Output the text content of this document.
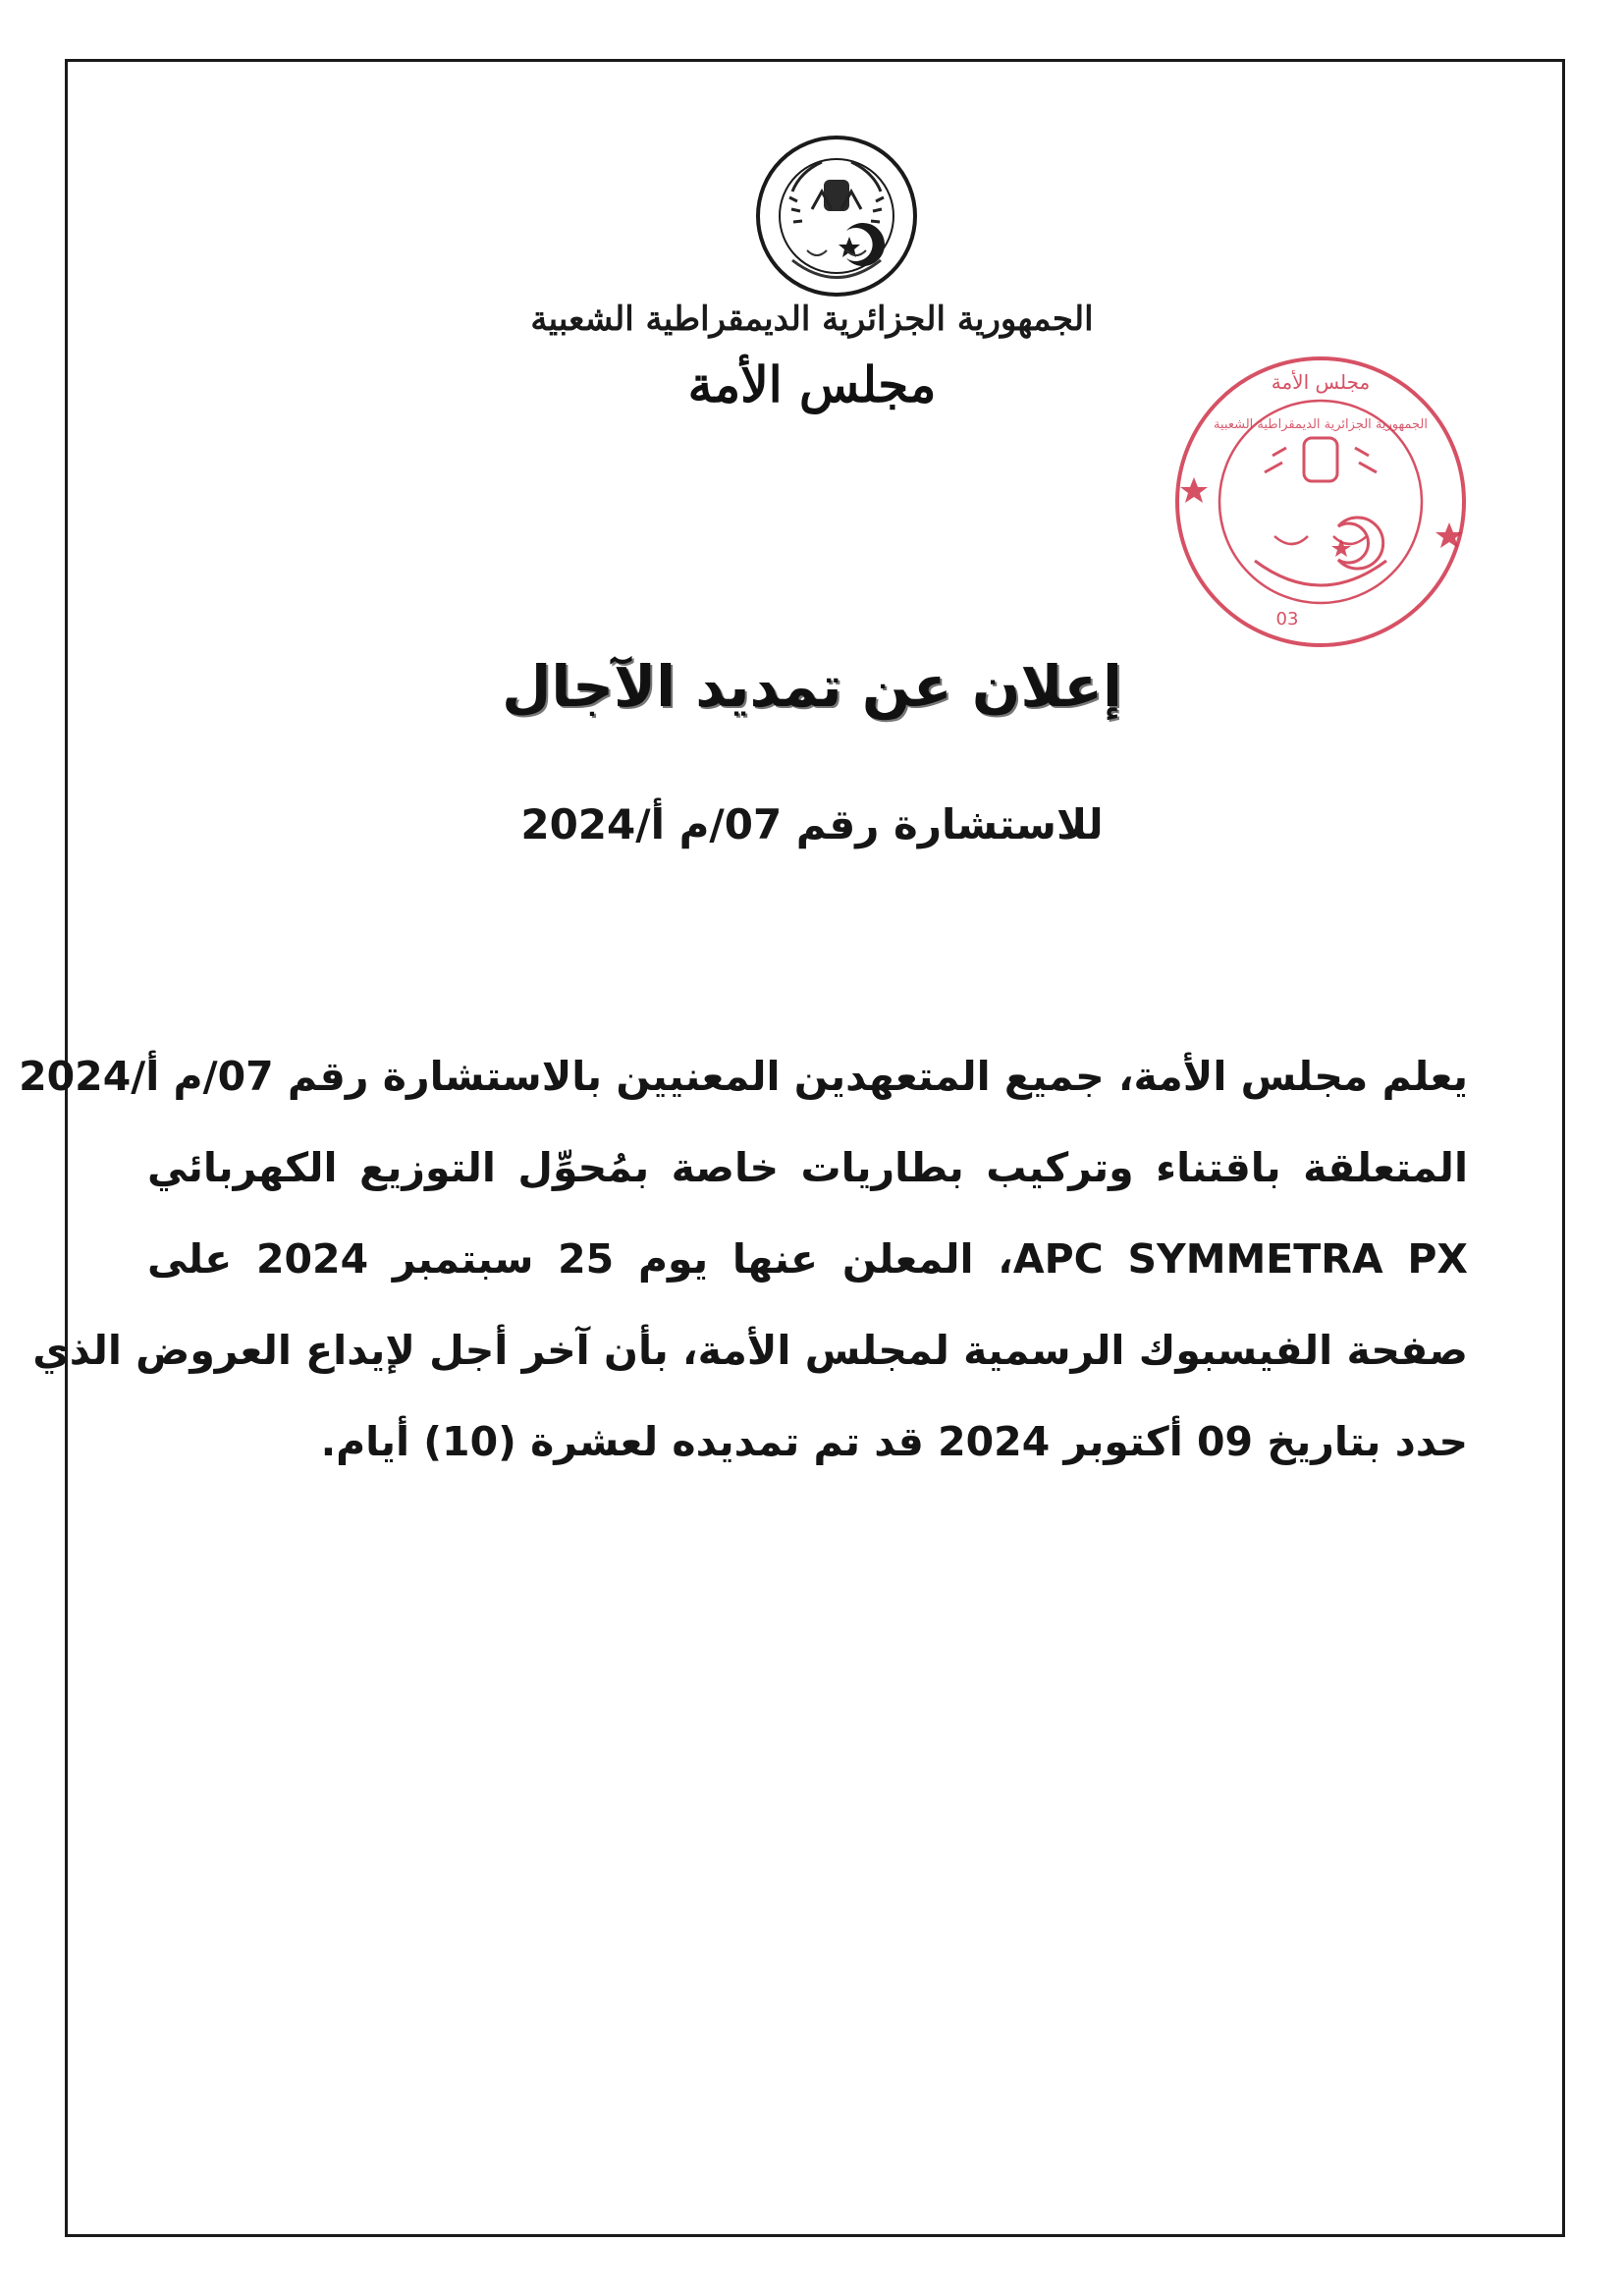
الجمهورية الجزائرية الديمقراطية الشعبية
مجلس الأمة	مجلس الأمة
الجمهورية الجزائرية الديمقراطية الشعبية
03
إعلان عن تمديد الآجال
للاستشارة رقم 07/م أ/2024
يعلم مجلس الأمة، جميع المتعهدين المعنيين بالاستشارة رقم 07/م أ/2024
المتعلقة باقتناء وتركيب بطاريات خاصة بمُحوِّل التوزيع الكهربائي
APC SYMMETRA PX، المعلن عنها يوم 25 سبتمبر 2024 على
صفحة الفيسبوك الرسمية لمجلس الأمة، بأن آخر أجل لإيداع العروض الذي
حدد بتاريخ 09 أكتوبر 2024 قد تم تمديده لعشرة (10) أيام.
